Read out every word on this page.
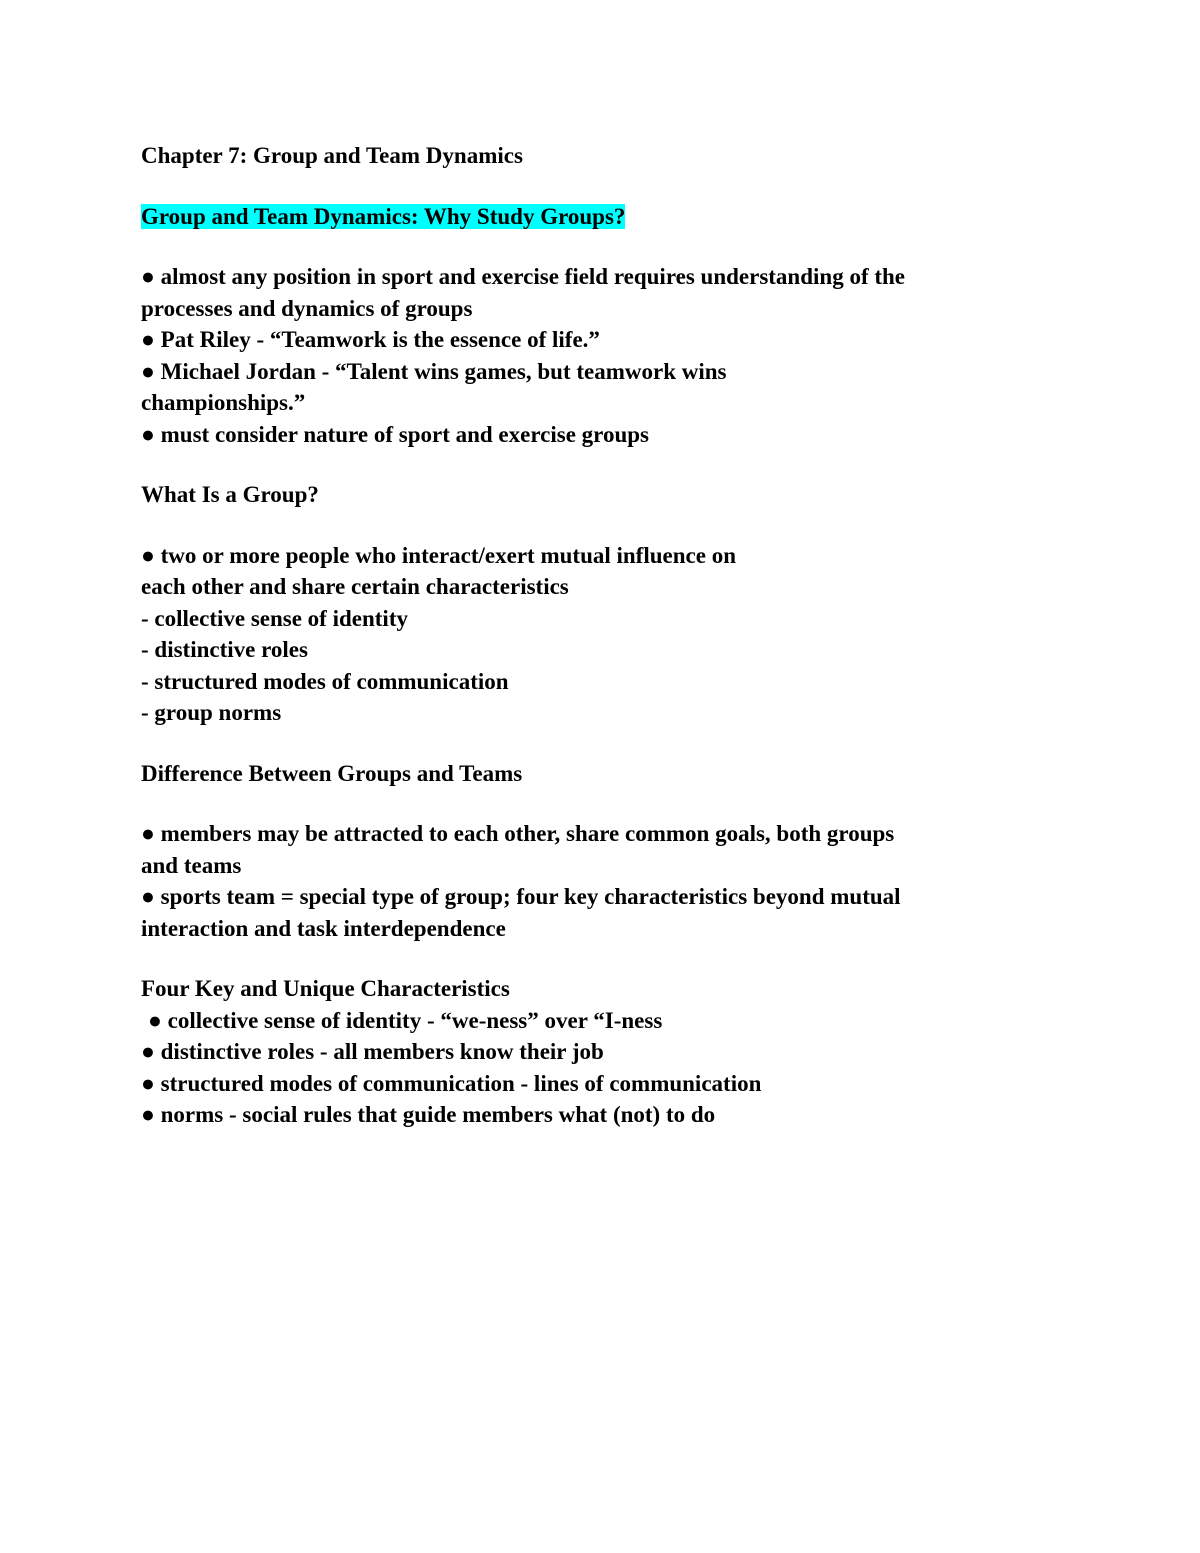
Chapter 7: Group and Team Dynamics

Group and Team Dynamics: Why Study Groups?

● almost any position in sport and exercise field requires understanding of the

processes and dynamics of groups

● Pat Riley - “Teamwork is the essence of life.”

● Michael Jordan - “Talent wins games, but teamwork wins

championships.”

● must consider nature of sport and exercise groups

What Is a Group?

● two or more people who interact/exert mutual influence on

each other and share certain characteristics

- collective sense of identity

- distinctive roles

- structured modes of communication

- group norms

Difference Between Groups and Teams

● members may be attracted to each other, share common goals, both groups

and teams

● sports team = special type of group; four key characteristics beyond mutual

interaction and task interdependence

Four Key and Unique Characteristics

● collective sense of identity - “we-ness” over “I-ness

● distinctive roles - all members know their job

● structured modes of communication - lines of communication

● norms - social rules that guide members what (not) to do
